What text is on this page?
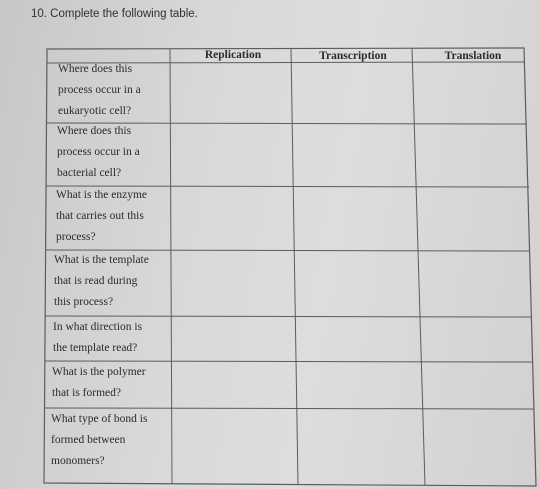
10. Complete the following table.
Replication	Transcription	Translation
Where does this
process occur in a
eukaryotic cell?
Where does this
process occur in a
bacterial cell?
What is the enzyme
that carries out this
process?
What is the template
that is read during
this process?
In what direction is
the template read?
What is the polymer
that is formed?
What type of bond is
formed between
monomers?
